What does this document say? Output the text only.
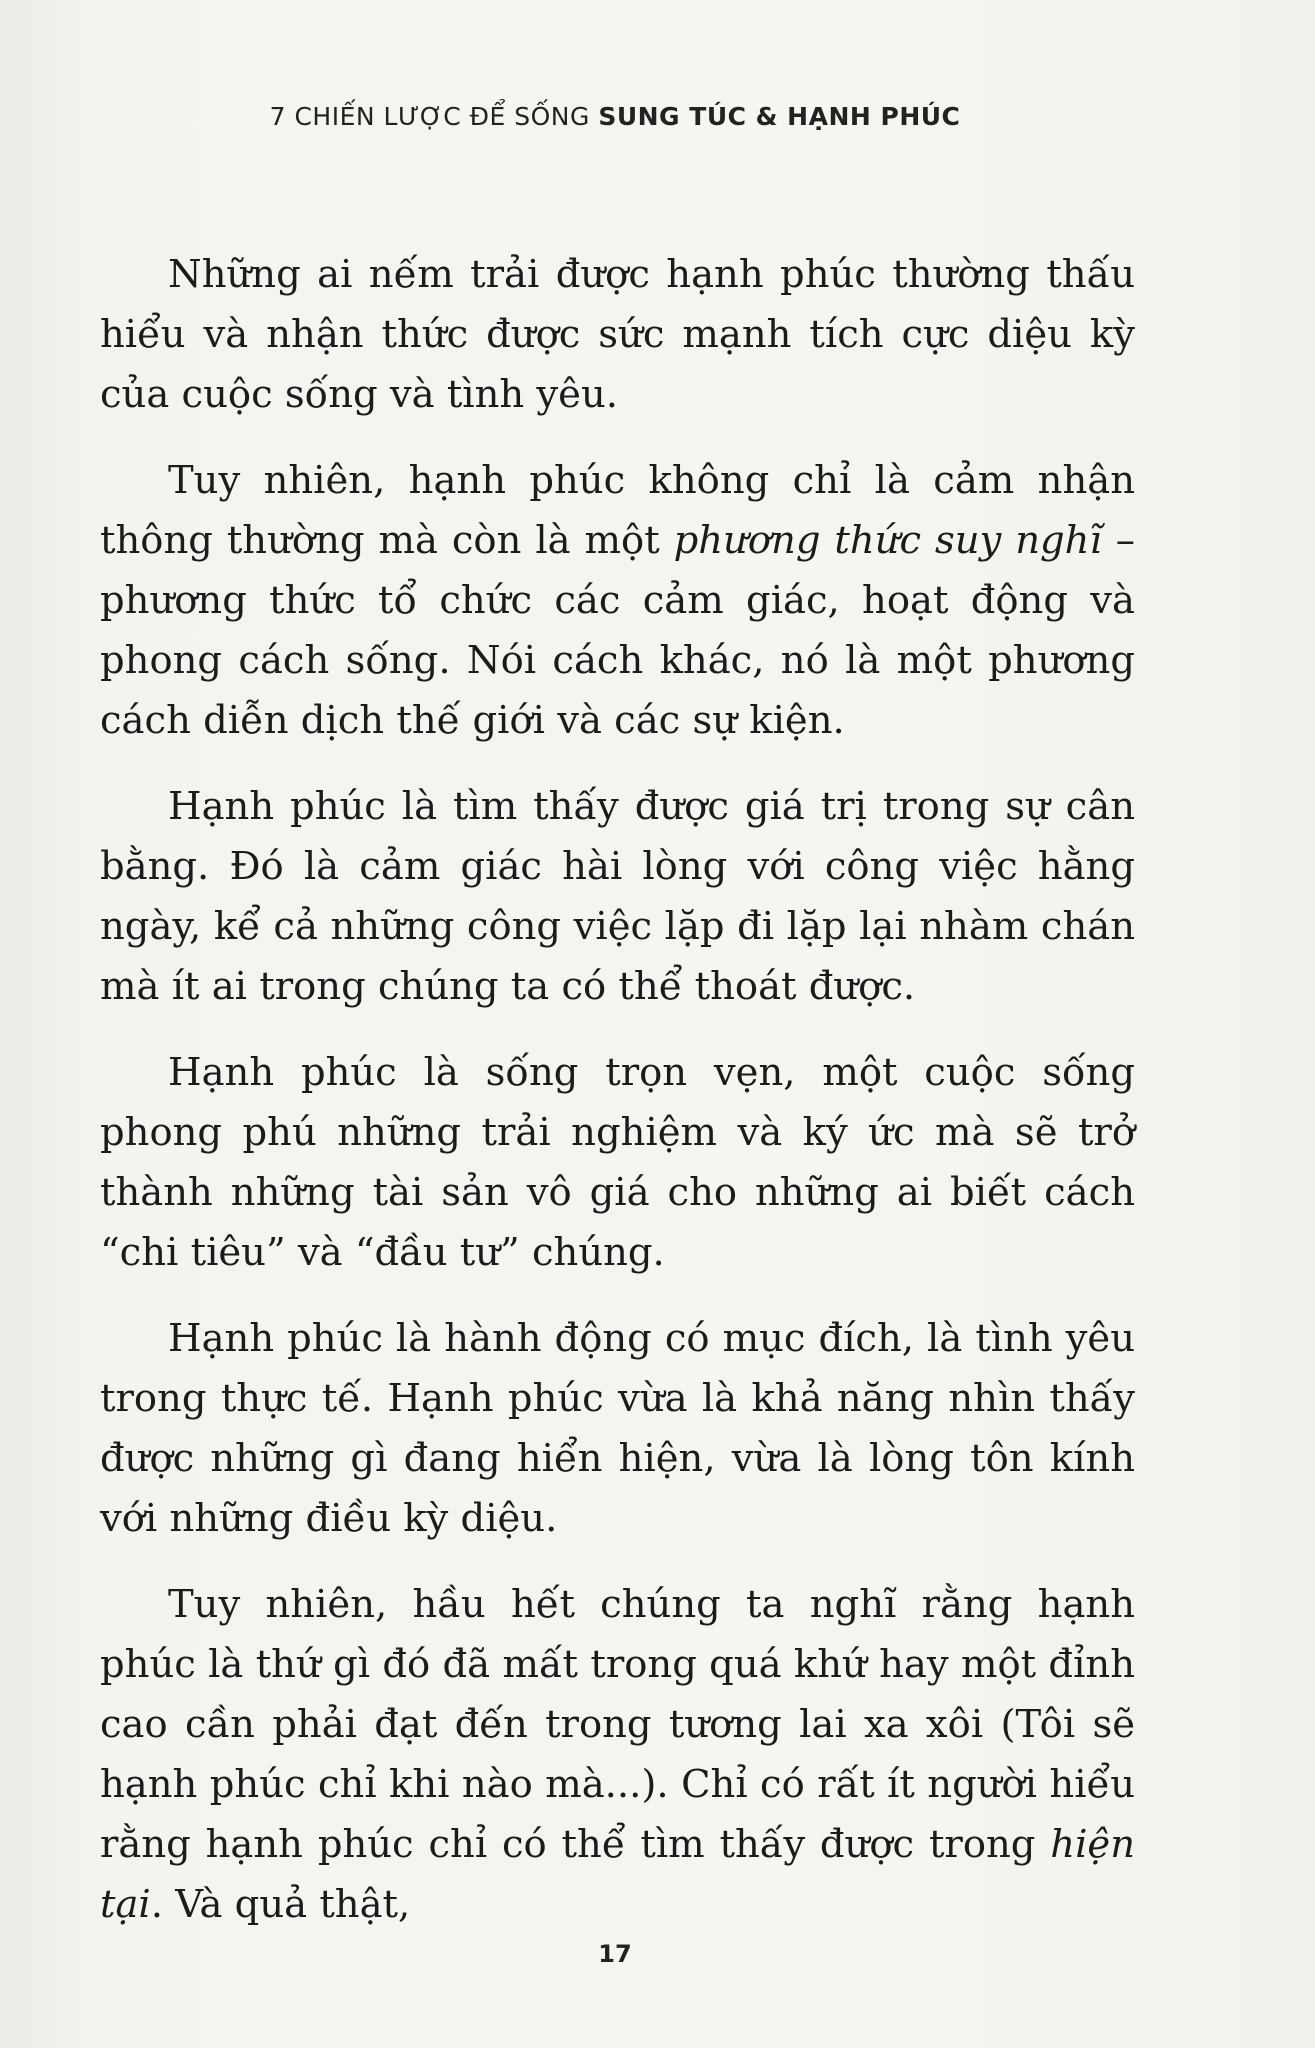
7 CHIẾN LƯỢC ĐỂ SỐNG SUNG TÚC & HẠNH PHÚC

Những ai nếm trải được hạnh phúc thường thấu hiểu và nhận thức được sức mạnh tích cực diệu kỳ của cuộc sống và tình yêu.

Tuy nhiên, hạnh phúc không chỉ là cảm nhận thông thường mà còn là một phương thức suy nghĩ – phương thức tổ chức các cảm giác, hoạt động và phong cách sống. Nói cách khác, nó là một phương cách diễn dịch thế giới và các sự kiện.

Hạnh phúc là tìm thấy được giá trị trong sự cân bằng. Đó là cảm giác hài lòng với công việc hằng ngày, kể cả những công việc lặp đi lặp lại nhàm chán mà ít ai trong chúng ta có thể thoát được.

Hạnh phúc là sống trọn vẹn, một cuộc sống phong phú những trải nghiệm và ký ức mà sẽ trở thành những tài sản vô giá cho những ai biết cách “chi tiêu” và “đầu tư” chúng.

Hạnh phúc là hành động có mục đích, là tình yêu trong thực tế. Hạnh phúc vừa là khả năng nhìn thấy được những gì đang hiển hiện, vừa là lòng tôn kính với những điều kỳ diệu.

Tuy nhiên, hầu hết chúng ta nghĩ rằng hạnh phúc là thứ gì đó đã mất trong quá khứ hay một đỉnh cao cần phải đạt đến trong tương lai xa xôi (Tôi sẽ hạnh phúc chỉ khi nào mà...). Chỉ có rất ít người hiểu rằng hạnh phúc chỉ có thể tìm thấy được trong hiện tại. Và quả thật,

17
